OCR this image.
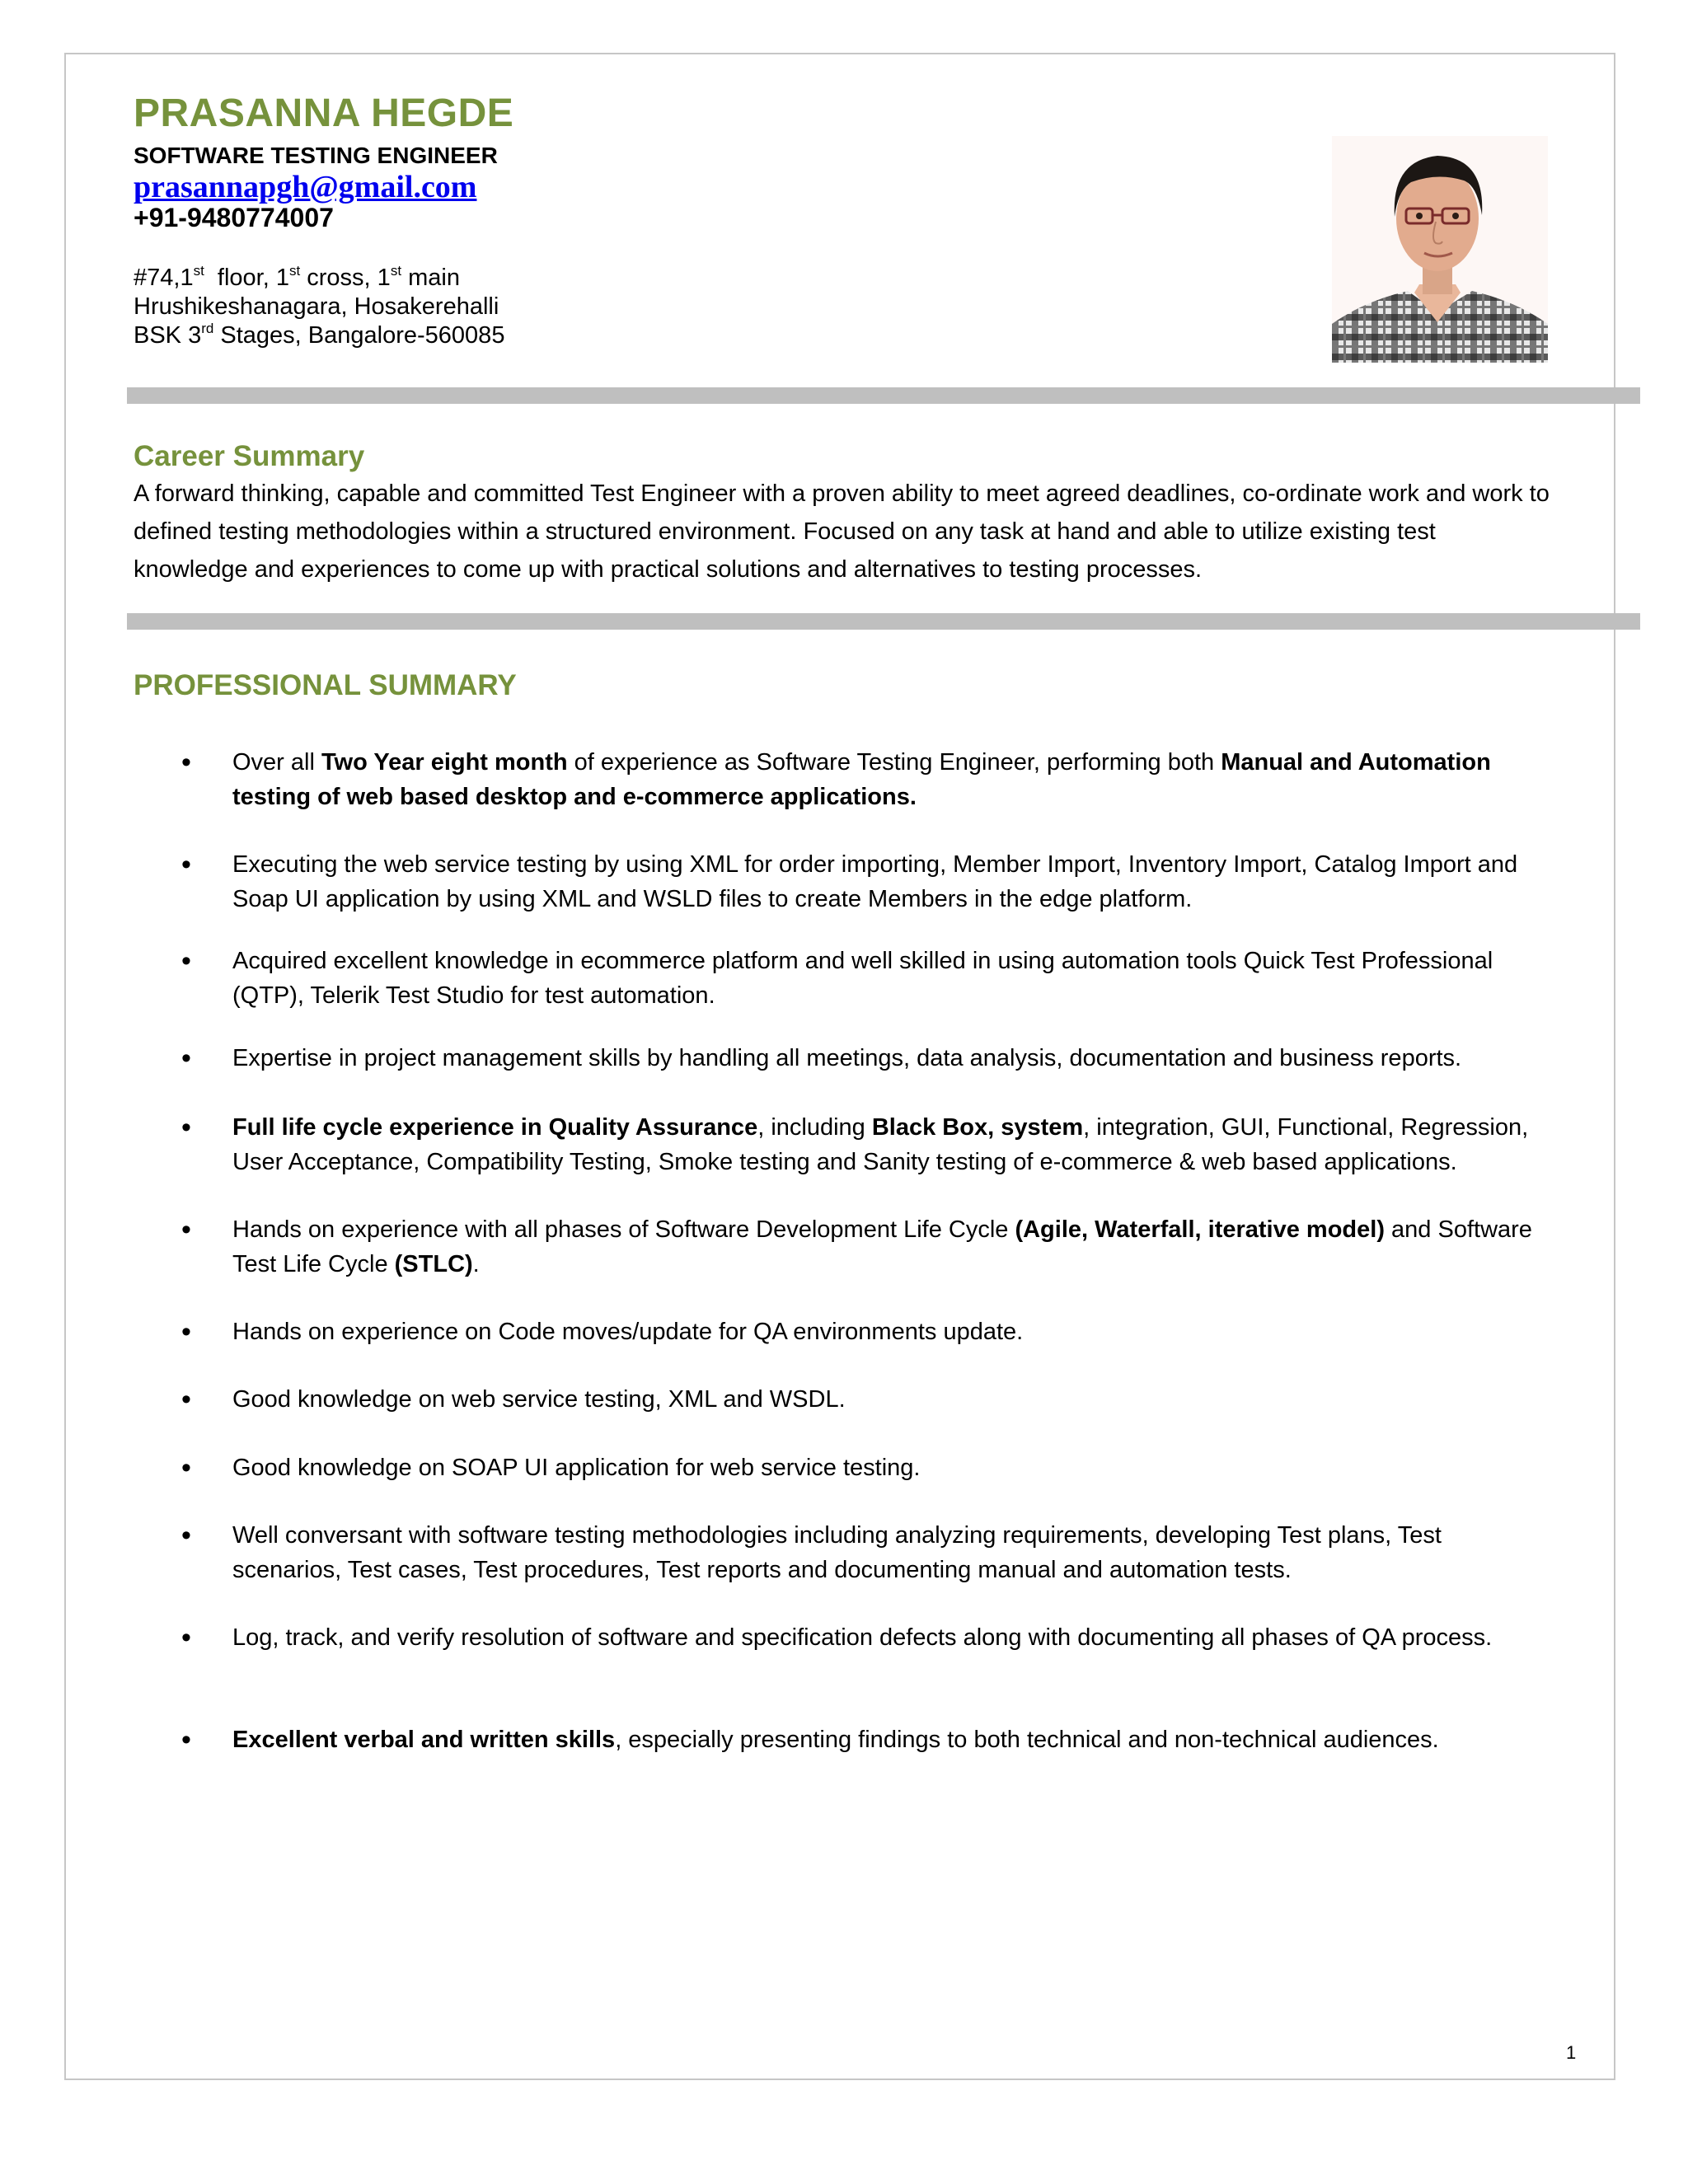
PRASANNA HEGDE

SOFTWARE TESTING ENGINEER

prasannapgh@gmail.com

+91-9480774007

#74,1st  floor, 1st cross, 1st main
Hrushikeshanagara, Hosakerehalli
BSK 3rd Stages, Bangalore-560085
Career Summary

A forward thinking, capable and committed Test Engineer with a proven ability to meet agreed deadlines, co-ordinate work and work to defined testing methodologies within a structured environment. Focused on any task at hand and able to utilize existing test knowledge and experiences to come up with practical solutions and alternatives to testing processes.

PROFESSIONAL SUMMARY
• Over all Two Year eight month of experience as Software Testing Engineer, performing both Manual and Automation testing of web based desktop and e-commerce applications.
• Executing the web service testing by using XML for order importing, Member Import, Inventory Import, Catalog Import and Soap UI application by using XML and WSLD files to create Members in the edge platform.
• Acquired excellent knowledge in ecommerce platform and well skilled in using automation tools Quick Test Professional (QTP), Telerik Test Studio for test automation.
• Expertise in project management skills by handling all meetings, data analysis, documentation and business reports.
• Full life cycle experience in Quality Assurance, including Black Box, system, integration, GUI, Functional, Regression, User Acceptance, Compatibility Testing, Smoke testing and Sanity testing of e-commerce & web based applications.
• Hands on experience with all phases of Software Development Life Cycle (Agile, Waterfall, iterative model) and Software Test Life Cycle (STLC).
• Hands on experience on Code moves/update for QA environments update.
• Good knowledge on web service testing, XML and WSDL.
• Good knowledge on SOAP UI application for web service testing.
• Well conversant with software testing methodologies including analyzing requirements, developing Test plans, Test scenarios, Test cases, Test procedures, Test reports and documenting manual and automation tests.
• Log, track, and verify resolution of software and specification defects along with documenting all phases of QA process.
• Excellent verbal and written skills, especially presenting findings to both technical and non-technical audiences.
1
